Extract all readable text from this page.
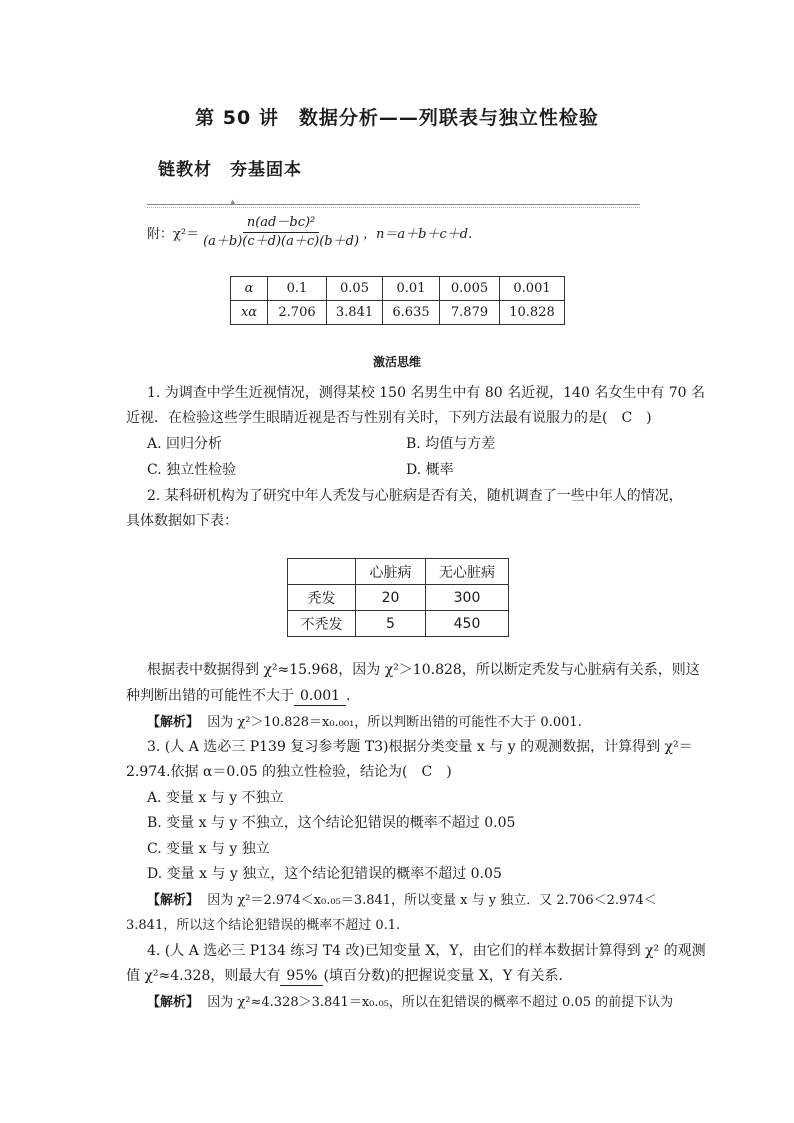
第 50 讲　数据分析——列联表与独立性检验
链教材　夯基固本
▲
附：$\chi^2= \frac{\text{n(ad－bc)²}}{(a+b)(c+d)(a+c)(b+d)}$ ，n＝a＋b＋c＋d.
α	0.1	0.05	0.01	0.005	0.001
xα	2.706	3.841	6.635	7.879	10.828
激活思维
1. 为调查中学生近视情况，测得某校 150 名男生中有 80 名近视，140 名女生中有 70 名
近视．在检验这些学生眼睛近视是否与性别有关时，下列方法最有说服力的是(　C　)
A. 回归分析	B. 均值与方差
C. 独立性检验	D. 概率
2. 某科研机构为了研究中年人秃发与心脏病是否有关，随机调查了一些中年人的情况，
具体数据如下表：
	心脏病	无心脏病
秃发	20	300
不秃发	5	450
根据表中数据得到 χ²≈15.968，因为 χ²＞10.828，所以断定秃发与心脏病有关系，则这
种判断出错的可能性不大于 0.001 ．
【解析】 因为 χ²＞10.828＝x₀.₀₀₁，所以判断出错的可能性不大于 0.001.
3. (人 A 选必三 P139 复习参考题 T3)根据分类变量 x 与 y 的观测数据，计算得到 χ²＝
2.974.依据 α＝0.05 的独立性检验，结论为(　C　)
A. 变量 x 与 y 不独立
B. 变量 x 与 y 不独立，这个结论犯错误的概率不超过 0.05
C. 变量 x 与 y 独立
D. 变量 x 与 y 独立，这个结论犯错误的概率不超过 0.05
【解析】 因为 χ²＝2.974＜x₀.₀₅＝3.841，所以变量 x 与 y 独立．又 2.706＜2.974＜
3.841，所以这个结论犯错误的概率不超过 0.1.
4. (人 A 选必三 P134 练习 T4 改)已知变量 X，Y，由它们的样本数据计算得到 χ² 的观测
值 χ²≈4.328，则最大有 95% (填百分数)的把握说变量 X，Y 有关系．
【解析】 因为 χ²≈4.328＞3.841＝x₀.₀₅，所以在犯错误的概率不超过 0.05 的前提下认为
